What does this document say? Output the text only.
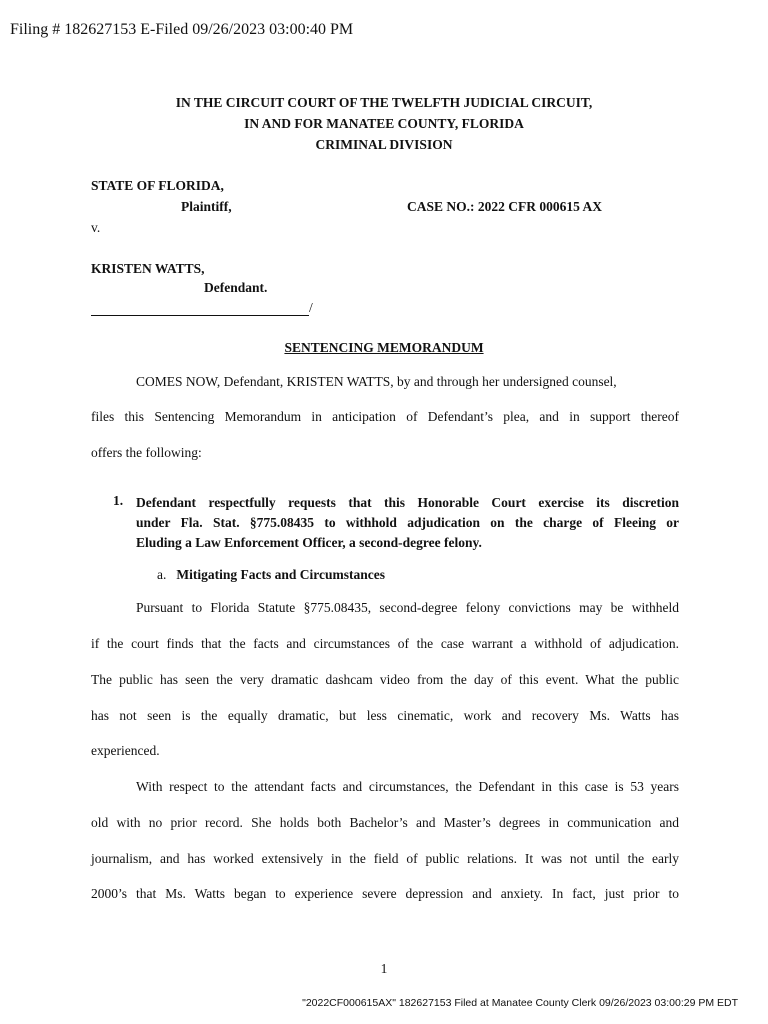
Filing # 182627153 E-Filed 09/26/2023 03:00:40 PM
IN THE CIRCUIT COURT OF THE TWELFTH JUDICIAL CIRCUIT,
IN AND FOR MANATEE COUNTY, FLORIDA
CRIMINAL DIVISION
STATE OF FLORIDA,
Plaintiff,	CASE NO.: 2022 CFR 000615 AX
v.
KRISTEN WATTS,
Defendant.
/
SENTENCING MEMORANDUM
COMES NOW, Defendant, KRISTEN WATTS, by and through her undersigned counsel,
files this Sentencing Memorandum in anticipation of Defendant’s plea, and in support thereof
offers the following:
1. Defendant respectfully requests that this Honorable Court exercise its discretion
under Fla. Stat. §775.08435 to withhold adjudication on the charge of Fleeing or
Eluding a Law Enforcement Officer, a second-degree felony.
a. Mitigating Facts and Circumstances
Pursuant to Florida Statute §775.08435, second-degree felony convictions may be withheld
if the court finds that the facts and circumstances of the case warrant a withhold of adjudication.
The public has seen the very dramatic dashcam video from the day of this event. What the public
has not seen is the equally dramatic, but less cinematic, work and recovery Ms. Watts has
experienced.
With respect to the attendant facts and circumstances, the Defendant in this case is 53 years
old with no prior record. She holds both Bachelor’s and Master’s degrees in communication and
journalism, and has worked extensively in the field of public relations. It was not until the early
2000’s that Ms. Watts began to experience severe depression and anxiety. In fact, just prior to
1
"2022CF000615AX" 182627153 Filed at Manatee County Clerk 09/26/2023 03:00:29 PM EDT
